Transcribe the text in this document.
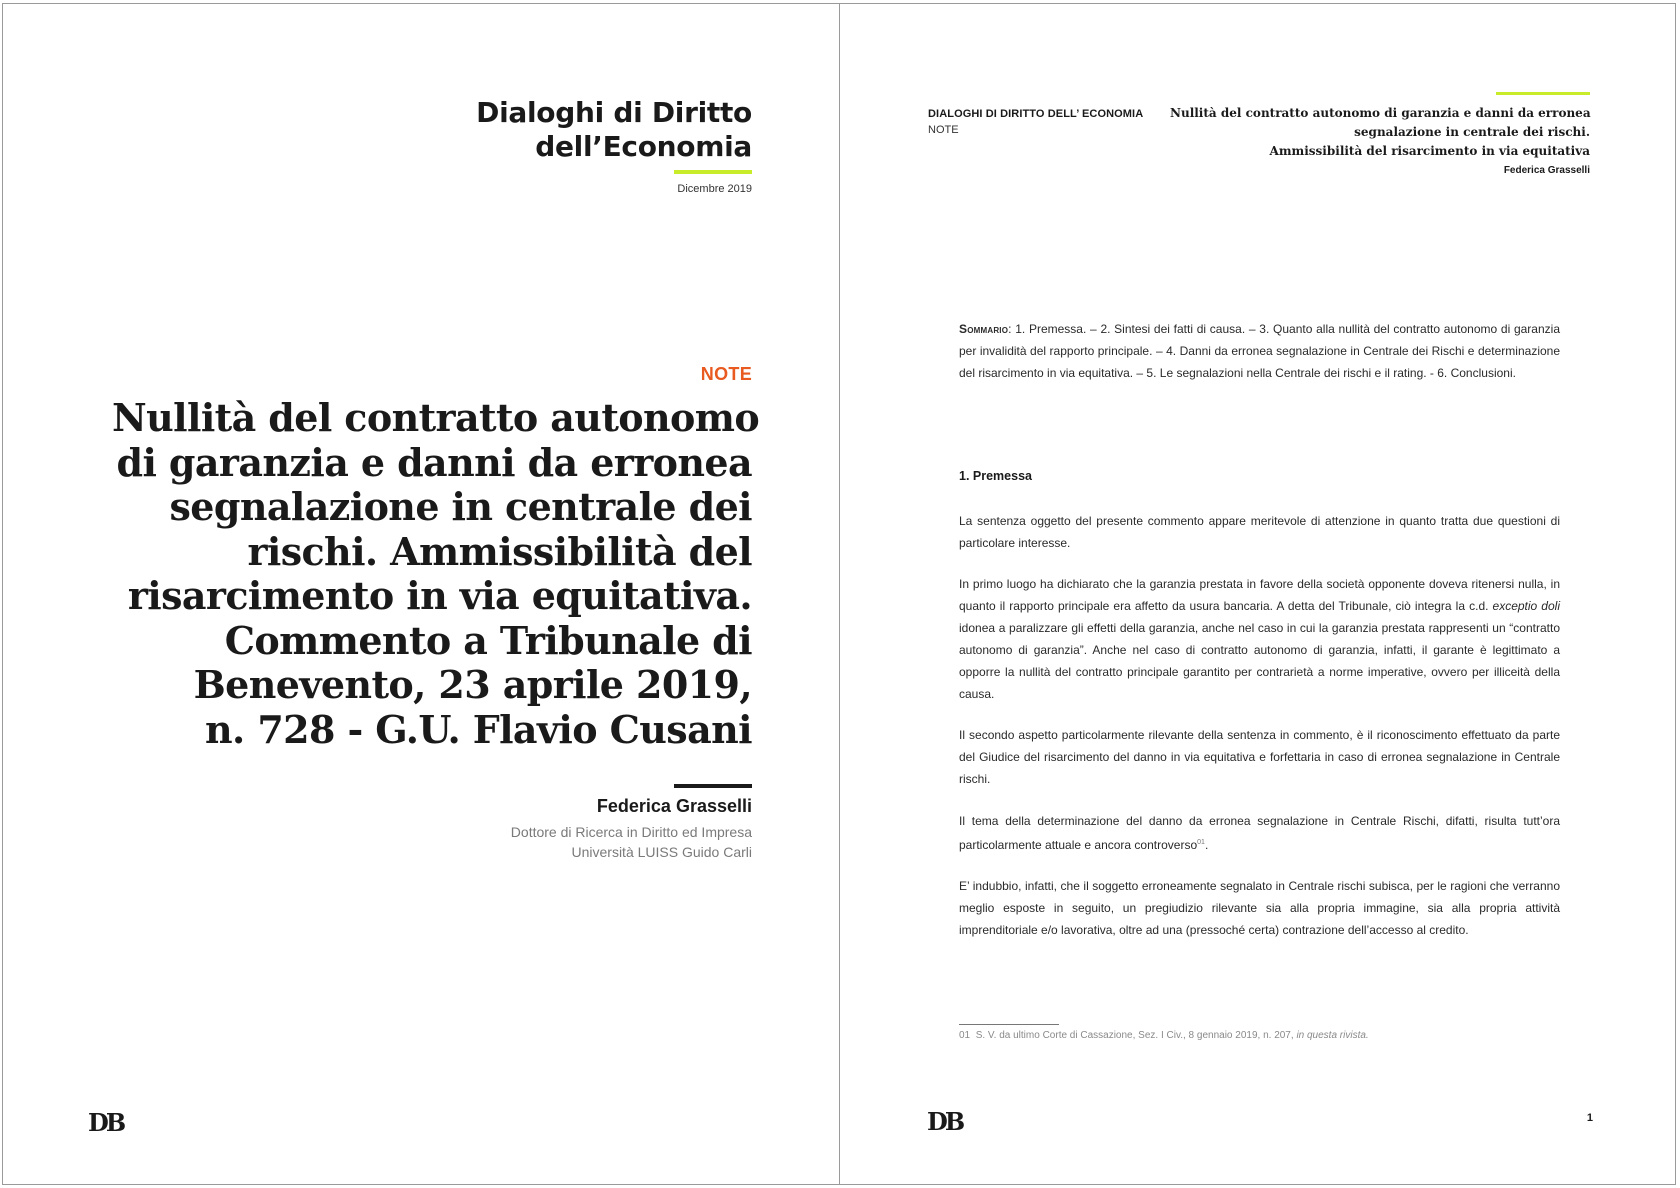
Dialoghi di Diritto
dell’Economia
Dicembre 2019
NOTE
Nullità del contratto autonomo
di garanzia e danni da erronea
segnalazione in centrale dei
rischi. Ammissibilità del
risarcimento in via equitativa.
Commento a Tribunale di
Benevento, 23 aprile 2019,
n. 728 - G.U. Flavio Cusani
Federica Grasselli
Dottore di Ricerca in Diritto ed Impresa
Università LUISS Guido Carli
DB
DIALOGHI DI DIRITTO DELL’ ECONOMIA
NOTE
Nullità del contratto autonomo di garanzia e danni da erronea
segnalazione in centrale dei rischi.
Ammissibilità del risarcimento in via equitativa
Federica Grasselli
Sommario: 1. Premessa. – 2. Sintesi dei fatti di causa. – 3. Quanto alla nullità del contratto autonomo di garanzia per invalidità del rapporto principale. – 4. Danni da erronea segnalazione in Centrale dei Rischi e determinazione del risarcimento in via equitativa. – 5. Le segnalazioni nella Centrale dei rischi e il rating. - 6. Conclusioni.
1. Premessa
La sentenza oggetto del presente commento appare meritevole di attenzione in quanto tratta due questioni di particolare interesse.
In primo luogo ha dichiarato che la garanzia prestata in favore della società opponente doveva ritenersi nulla, in quanto il rapporto principale era affetto da usura bancaria. A detta del Tribunale, ciò integra la c.d. exceptio doli idonea a paralizzare gli effetti della garanzia, anche nel caso in cui la garanzia prestata rappresenti un “contratto autonomo di garanzia”. Anche nel caso di contratto autonomo di garanzia, infatti, il garante è legittimato a opporre la nullità del contratto principale garantito per contrarietà a norme imperative, ovvero per illiceità della causa.
Il secondo aspetto particolarmente rilevante della sentenza in commento, è il riconoscimento effettuato da parte del Giudice del risarcimento del danno in via equitativa e forfettaria in caso di erronea segnalazione in Centrale rischi.
Il tema della determinazione del danno da erronea segnalazione in Centrale Rischi, difatti, risulta tutt’ora particolarmente attuale e ancora controverso$^{01}$.
E’ indubbio, infatti, che il soggetto erroneamente segnalato in Centrale rischi subisca, per le ragioni che verranno meglio esposte in seguito, un pregiudizio rilevante sia alla propria immagine, sia alla propria attività imprenditoriale e/o lavorativa, oltre ad una (pressoché certa) contrazione dell’accesso al credito.
01 S. V. da ultimo Corte di Cassazione, Sez. I Civ., 8 gennaio 2019, n. 207, in questa rivista.
DB	1
